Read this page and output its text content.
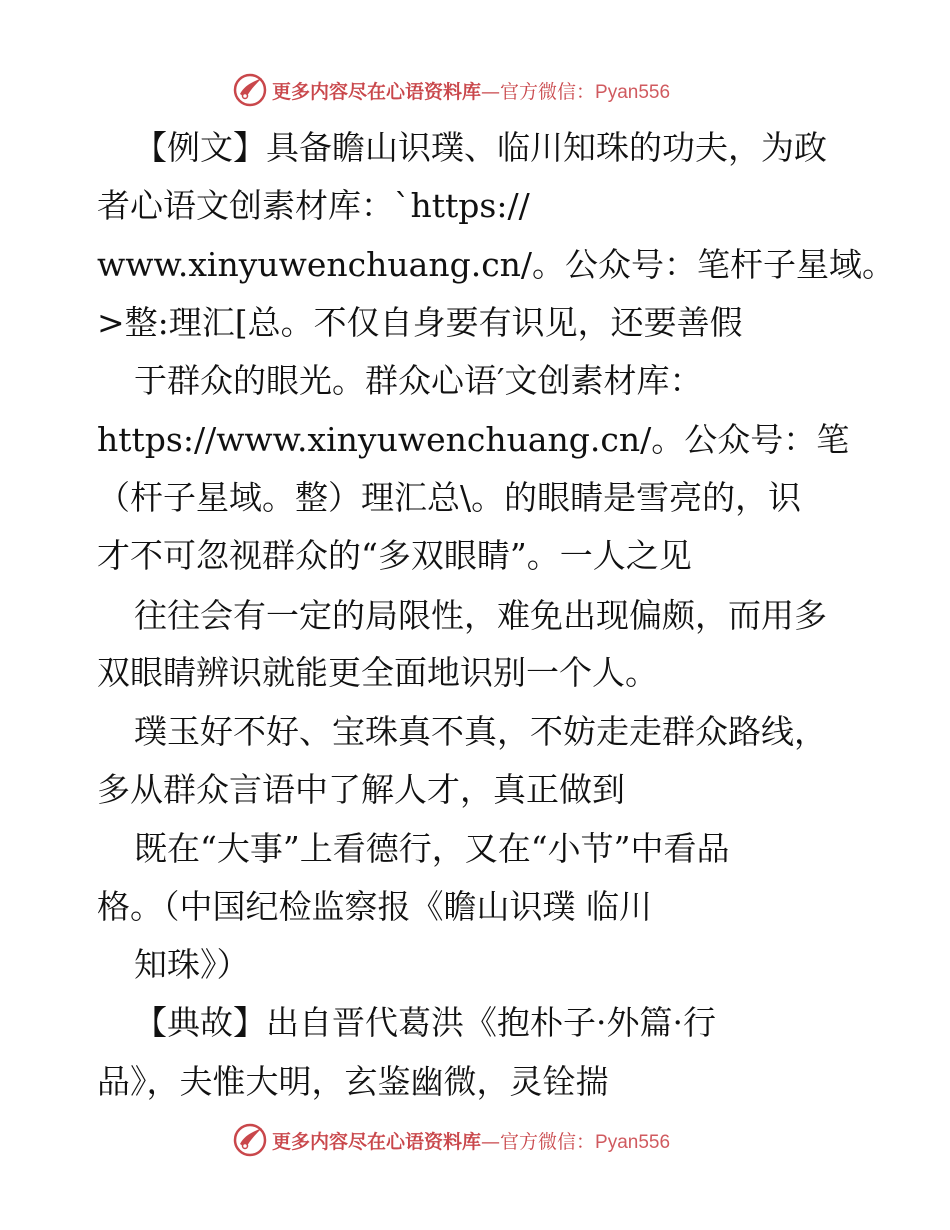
更多内容尽在心语资料库—官方微信：Pyan556
【例文】具备瞻山识璞、临川知珠的功夫，为政
者心语文创素材库：`https://
www.xinyuwenchuang.cn/。公众号：笔杆子星域。
>整:理汇[总。不仅自身要有识见，还要善假
于群众的眼光。群众心语′文创素材库：
https://www.xinyuwenchuang.cn/。公众号：笔
（杆子星域。整）理汇总\。的眼睛是雪亮的，识
才不可忽视群众的“多双眼睛”。一人之见
往往会有一定的局限性，难免出现偏颇，而用多
双眼睛辨识就能更全面地识别一个人。
璞玉好不好、宝珠真不真，不妨走走群众路线，
多从群众言语中了解人才，真正做到
既在“大事”上看德行，又在“小节”中看品
格。（中国纪检监察报《瞻山识璞 临川
知珠》）
【典故】出自晋代葛洪《抱朴子·外篇·行
品》，夫惟大明，玄鉴幽微，灵铨揣
更多内容尽在心语资料库—官方微信：Pyan556
